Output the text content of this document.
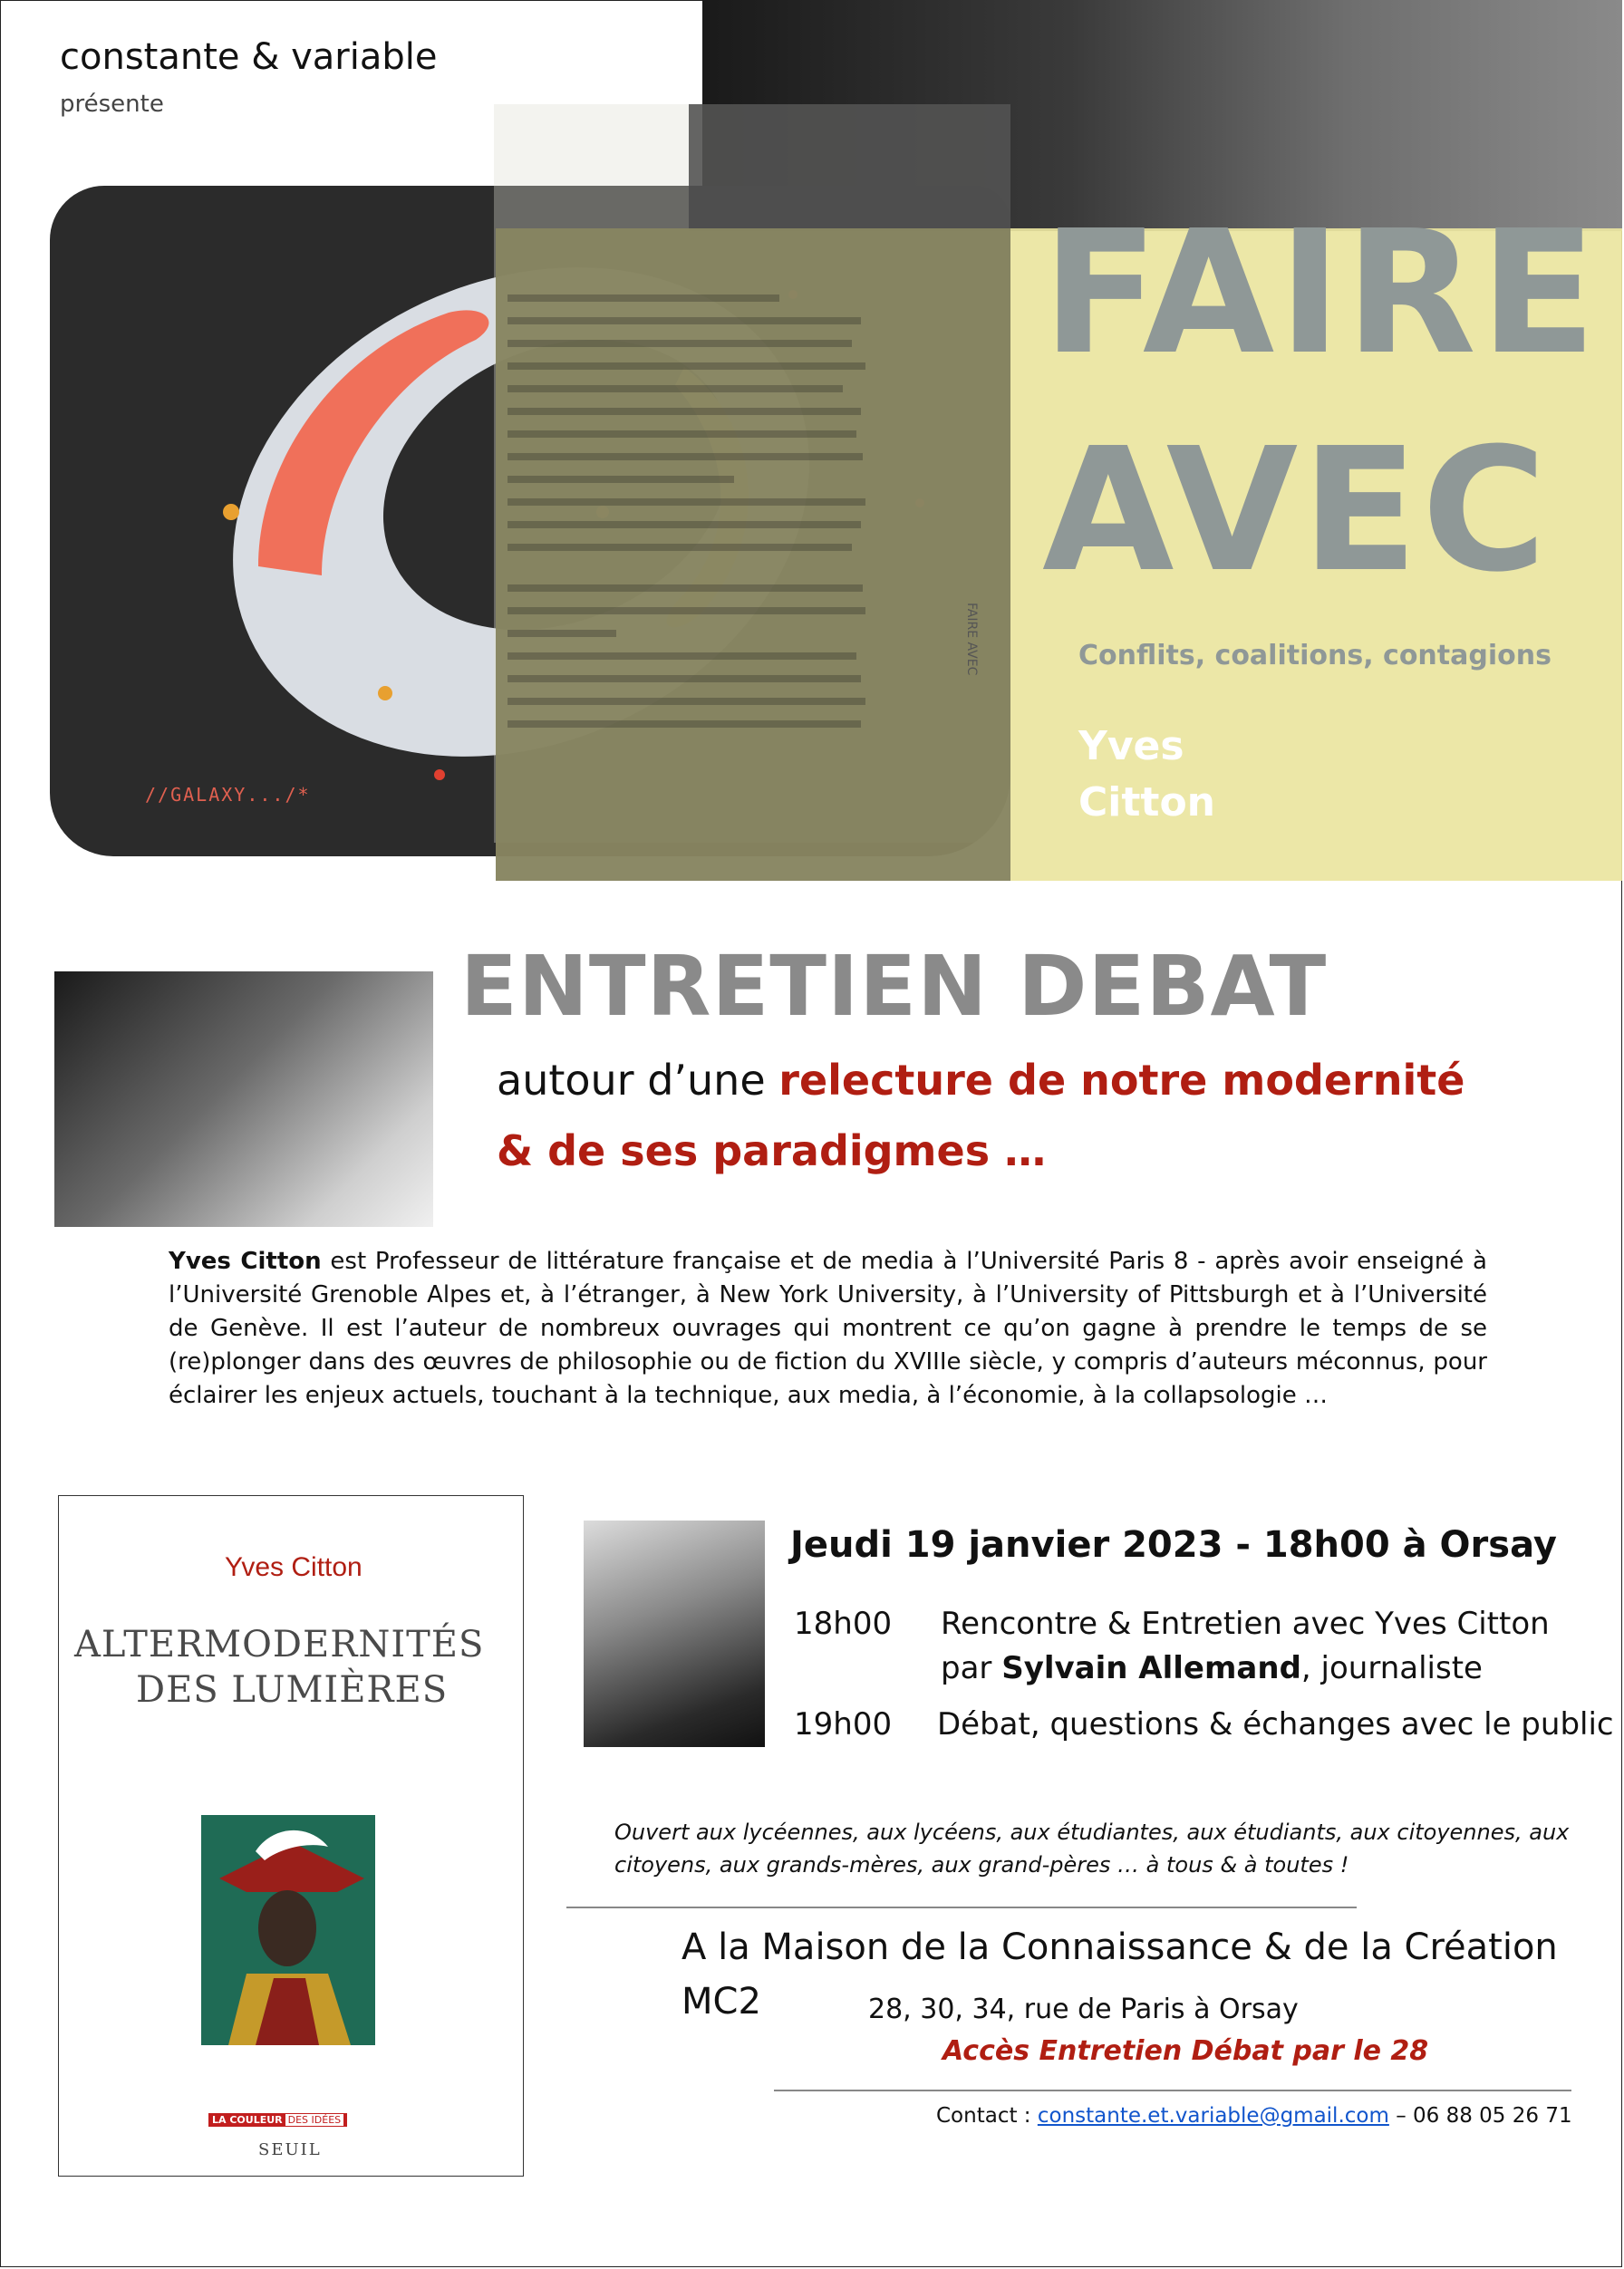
constante & variable
présente
//GALAXY.../*
FAIRE
AVEC
Conflits, coalitions, contagions
Yves
Citton
FAIRE AVEC
ENTRETIEN DEBAT
autour d’une relecture de notre modernité
& de ses paradigmes …
Yves Citton est Professeur de littérature française et de media à l’Université Paris 8 - après avoir enseigné à l’Université Grenoble Alpes et, à l’étranger, à New York University, à l’University of Pittsburgh et à l’Université de Genève. Il est l’auteur de nombreux ouvrages qui montrent ce qu’on gagne à prendre le temps de se (re)plonger dans des œuvres de philosophie ou de fiction du XVIIIe siècle, y compris d’auteurs méconnus, pour éclairer les enjeux actuels, touchant à la technique, aux media, à l’économie, à la collapsologie …
Yves Citton
ALTERMODERNITÉS
DES LUMIÈRES
LA COULEUR DES IDÉES
SEUIL
Jeudi 19 janvier 2023 - 18h00 à Orsay
18h00 Rencontre & Entretien avec Yves Citton
par Sylvain Allemand, journaliste
19h00 Débat, questions & échanges avec le public
Ouvert aux lycéennes, aux lycéens, aux étudiantes, aux étudiants, aux citoyennes, aux citoyens, aux grands-mères, aux grand-pères … à tous & à toutes !
A la Maison de la Connaissance & de la Création
MC2	28, 30, 34, rue de Paris à Orsay
Accès Entretien Débat par le 28
Contact : constante.et.variable@gmail.com – 06 88 05 26 71
